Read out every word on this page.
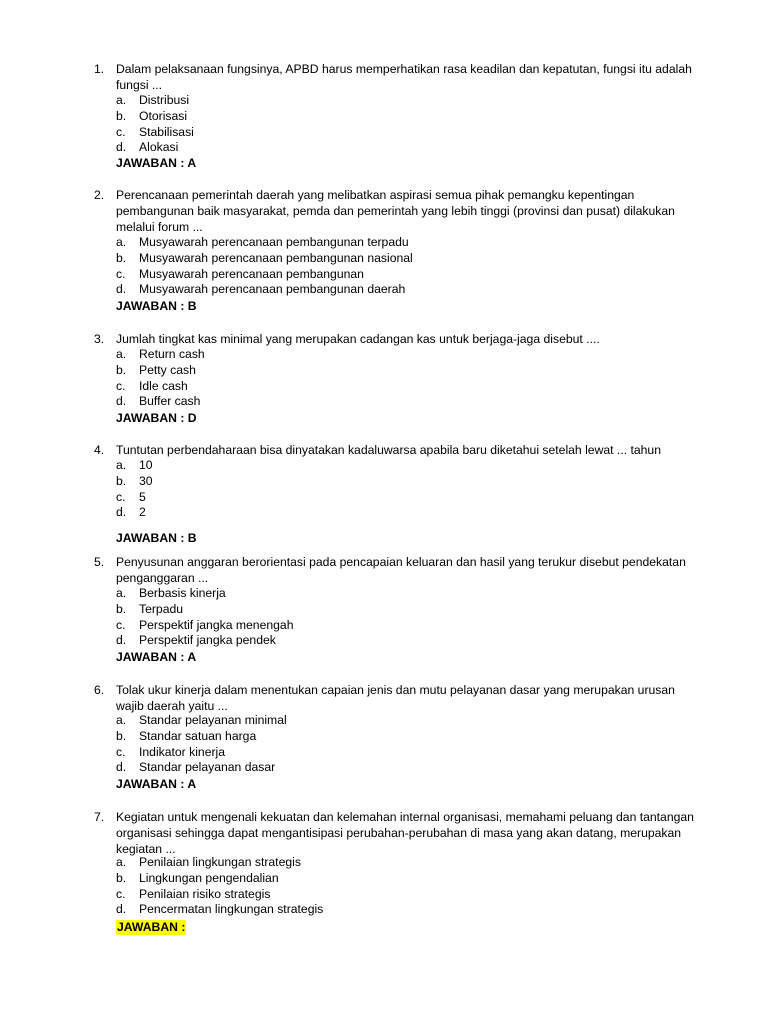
1. Dalam pelaksanaan fungsinya, APBD harus memperhatikan rasa keadilan dan kepatutan, fungsi itu adalah fungsi ...
a. Distribusi
b. Otorisasi
c. Stabilisasi
d. Alokasi
JAWABAN : A
2. Perencanaan pemerintah daerah yang melibatkan aspirasi semua pihak pemangku kepentingan pembangunan baik masyarakat, pemda dan pemerintah yang lebih tinggi (provinsi dan pusat) dilakukan melalui forum ...
a. Musyawarah perencanaan pembangunan terpadu
b. Musyawarah perencanaan pembangunan nasional
c. Musyawarah perencanaan pembangunan
d. Musyawarah perencanaan pembangunan daerah
JAWABAN : B
3. Jumlah tingkat kas minimal yang merupakan cadangan kas untuk berjaga-jaga disebut ....
a. Return cash
b. Petty cash
c. Idle cash
d. Buffer cash
JAWABAN : D
4. Tuntutan perbendaharaan bisa dinyatakan kadaluwarsa apabila baru diketahui setelah lewat ... tahun
a. 10
b. 30
c. 5
d. 2
JAWABAN : B
5. Penyusunan anggaran berorientasi pada pencapaian keluaran dan hasil yang terukur disebut pendekatan penganggaran ...
a. Berbasis kinerja
b. Terpadu
c. Perspektif jangka menengah
d. Perspektif jangka pendek
JAWABAN : A
6. Tolak ukur kinerja dalam menentukan capaian jenis dan mutu pelayanan dasar yang merupakan urusan wajib daerah yaitu ...
a. Standar pelayanan minimal
b. Standar satuan harga
c. Indikator kinerja
d. Standar pelayanan dasar
JAWABAN : A
7. Kegiatan untuk mengenali kekuatan dan kelemahan internal organisasi, memahami peluang dan tantangan organisasi sehingga dapat mengantisipasi perubahan-perubahan di masa yang akan datang, merupakan kegiatan ...
a. Penilaian lingkungan strategis
b. Lingkungan pengendalian
c. Penilaian risiko strategis
d. Pencermatan lingkungan strategis
JAWABAN :
